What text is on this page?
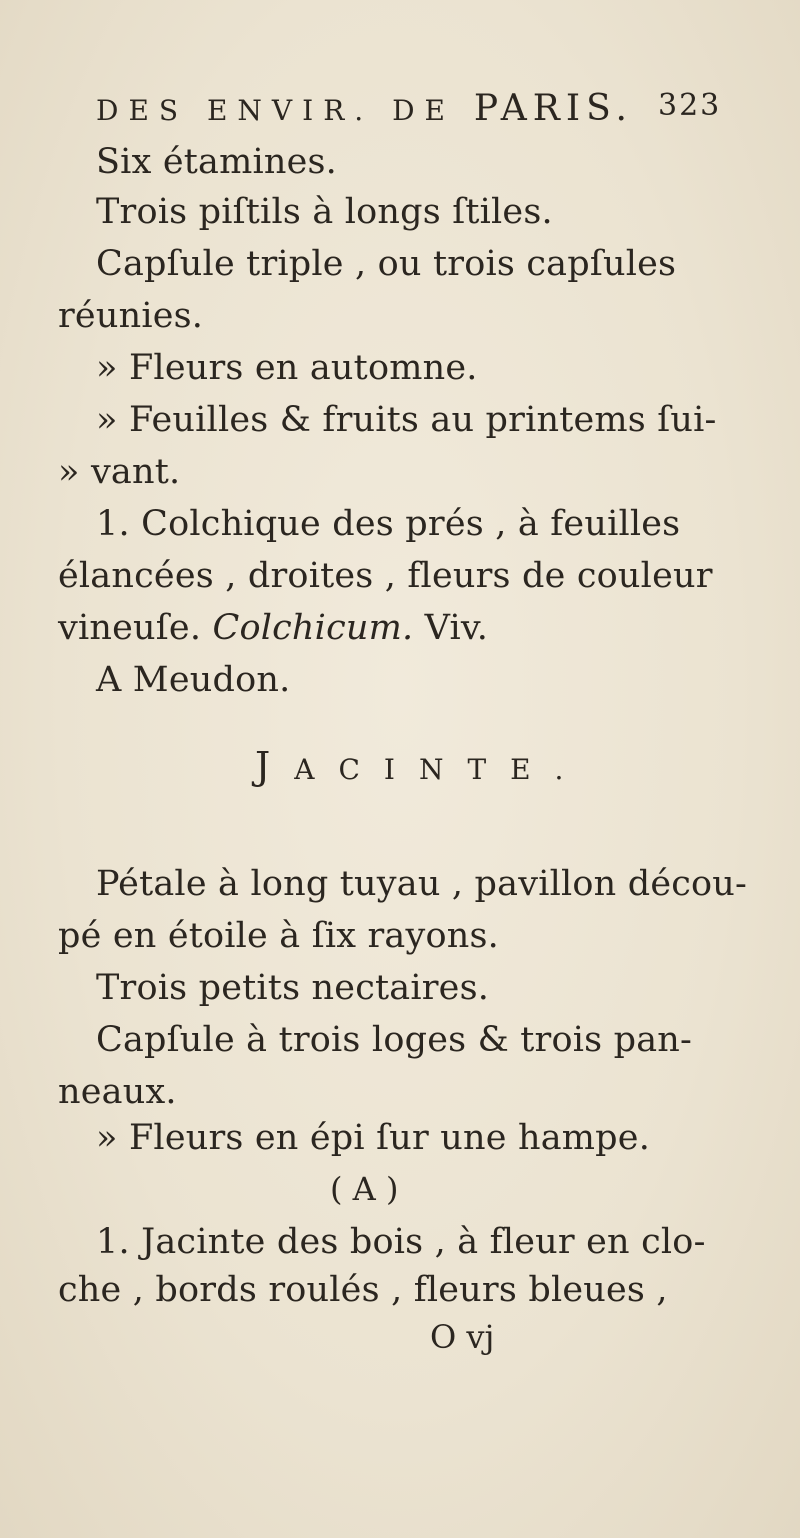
DES ENVIR. DE PARIS. 323
Six étamines.
Trois piſtils à longs ſtiles.
Capſule triple , ou trois capſules
réunies.
» Fleurs en automne.
» Feuilles & fruits au printems ſui-
» vant.
1. Colchique des prés , à feuilles
élancées , droites , fleurs de couleur
vineuſe. Colchicum. Viv.
A Meudon.
JACINTE.
Pétale à long tuyau , pavillon décou-
pé en étoile à ſix rayons.
Trois petits nectaires.
Capſule à trois loges & trois pan-
neaux.
» Fleurs en épi ſur une hampe.
( A )
1. Jacinte des bois , à fleur en clo-
che , bords roulés , fleurs bleues ,
O vj
